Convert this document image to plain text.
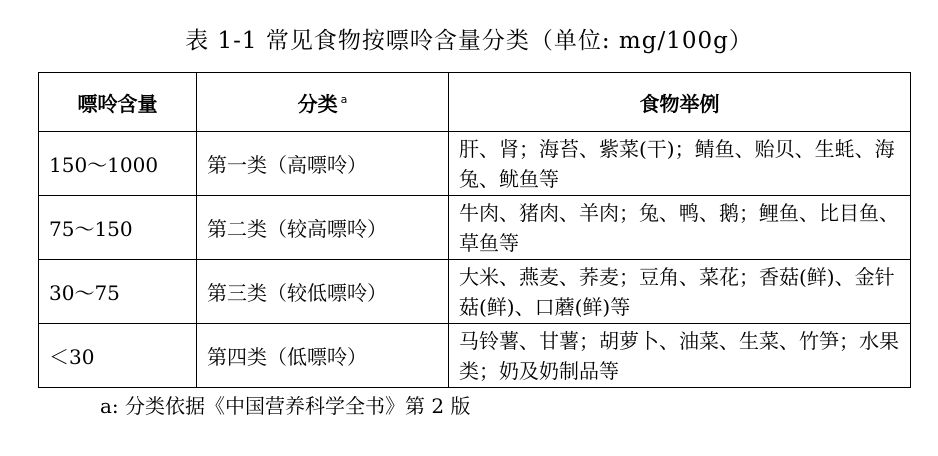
表 1-1 常见食物按嘌呤含量分类（单位: mg/100g）
嘌呤含量	分类 $^a$	食物举例
150～1000	第一类（高嘌呤）	肝、肾；海苔、紫菜(干)；鲭鱼、贻贝、生蚝、海兔、鱿鱼等
75～150	第二类（较高嘌呤）	牛肉、猪肉、羊肉；兔、鸭、鹅；鲤鱼、比目鱼、草鱼等
30～75	第三类（较低嘌呤）	大米、燕麦、荞麦；豆角、菜花；香菇(鲜)、金针菇(鲜)、口蘑(鲜)等
＜30	第四类（低嘌呤）	马铃薯、甘薯；胡萝卜、油菜、生菜、竹笋；水果类；奶及奶制品等
a: 分类依据《中国营养科学全书》第 2 版
